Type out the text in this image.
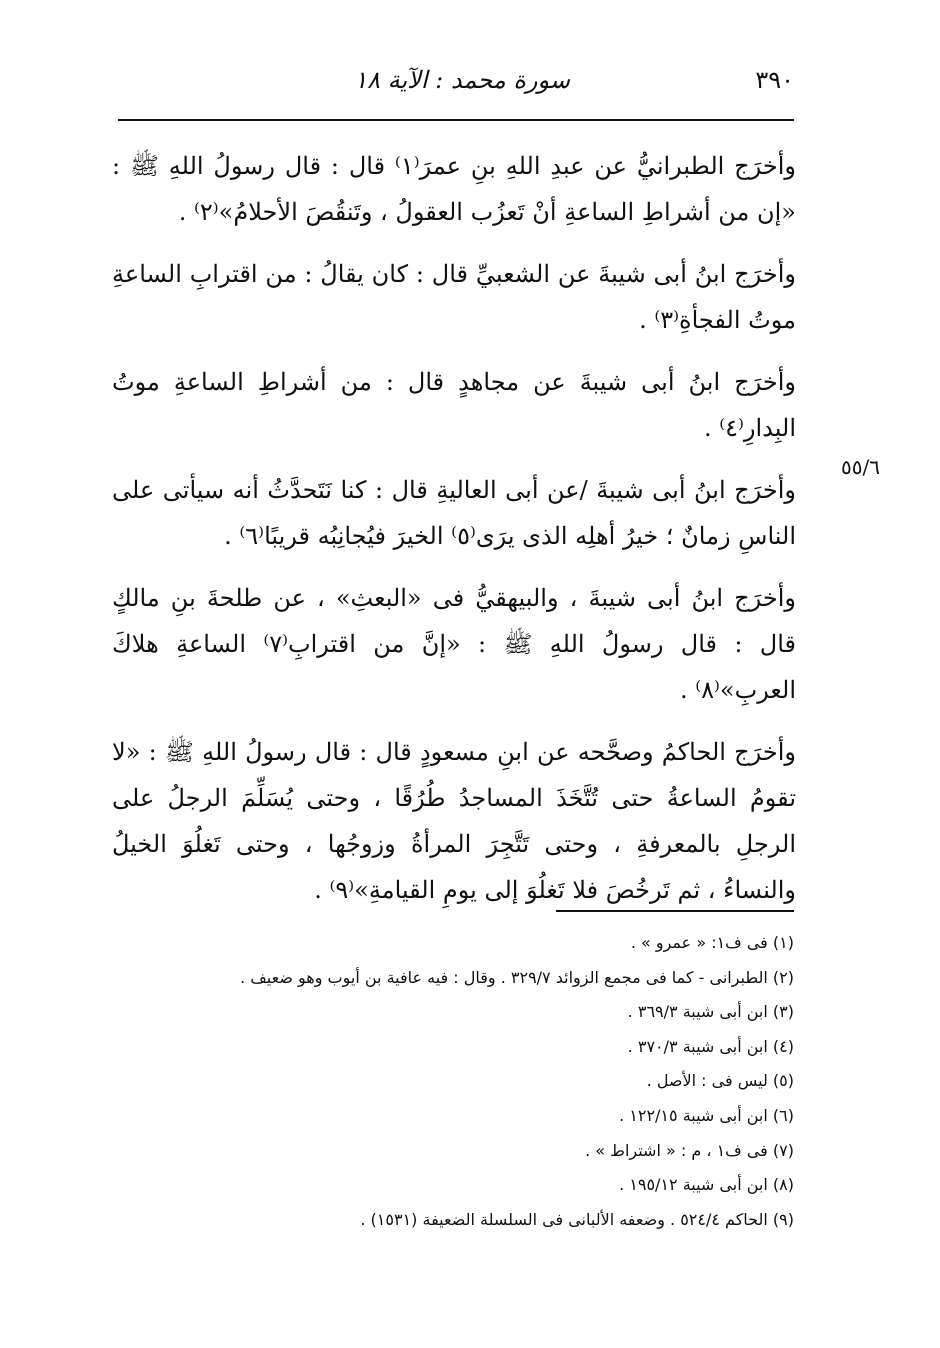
٣٩٠
سورة محمد : الآية ١٨
٥٥/٦

وأخرَج الطبرانيُّ عن عبدِ اللهِ بنِ عمرَ⁽١⁾ قال : قال رسولُ اللهِ ﷺ : «إن من أشراطِ الساعةِ أنْ تَعزُب العقولُ ، وتَنقُصَ الأحلامُ»⁽٢⁾ .

وأخرَج ابنُ أبى شيبةَ عن الشعبيِّ قال : كان يقالُ : من اقترابِ الساعةِ موتُ الفجأةِ⁽٣⁾ .

وأخرَج ابنُ أبى شيبةَ عن مجاهدٍ قال : من أشراطِ الساعةِ موتُ البِدارِ⁽٤⁾ .

وأخرَج ابنُ أبى شيبةَ /عن أبى العاليةِ قال : كنا نَتَحدَّثُ أنه سيأتى على الناسِ زمانٌ ؛ خيرُ أهلِه الذى يرَى⁽٥⁾ الخيرَ فيُجانِبُه قريبًا⁽٦⁾ .

وأخرَج ابنُ أبى شيبةَ ، والبيهقيُّ فى «البعثِ» ، عن طلحةَ بنِ مالكٍ قال : قال رسولُ اللهِ ﷺ : «إنَّ من اقترابِ⁽٧⁾ الساعةِ هلاكَ العربِ»⁽٨⁾ .

وأخرَج الحاكمُ وصحَّحه عن ابنِ مسعودٍ قال : قال رسولُ اللهِ ﷺ : «لا تقومُ الساعةُ حتى تُتَّخَذَ المساجدُ طُرُقًا ، وحتى يُسَلِّمَ الرجلُ على الرجلِ بالمعرفةِ ، وحتى تَتَّجِرَ المرأةُ وزوجُها ، وحتى تَغلُوَ الخيلُ والنساءُ ، ثم تَرخُصَ فلا تَغلُوَ إلى يومِ القيامةِ»⁽٩⁾ .

(١) فى ف١: « عمرو » .
(٢) الطبرانى - كما فى مجمع الزوائد ٣٢٩/٧ . وقال : فيه عافية بن أيوب وهو ضعيف .
(٣) ابن أبى شيبة ٣٦٩/٣ .
(٤) ابن أبى شيبة ٣٧٠/٣ .
(٥) ليس فى : الأصل .
(٦) ابن أبى شيبة ١٢٢/١٥ .
(٧) فى ف١ ، م : « اشتراط » .
(٨) ابن أبى شيبة ١٩٥/١٢ .
(٩) الحاكم ٥٢٤/٤ . وضعفه الألبانى فى السلسلة الضعيفة (١٥٣١) .
